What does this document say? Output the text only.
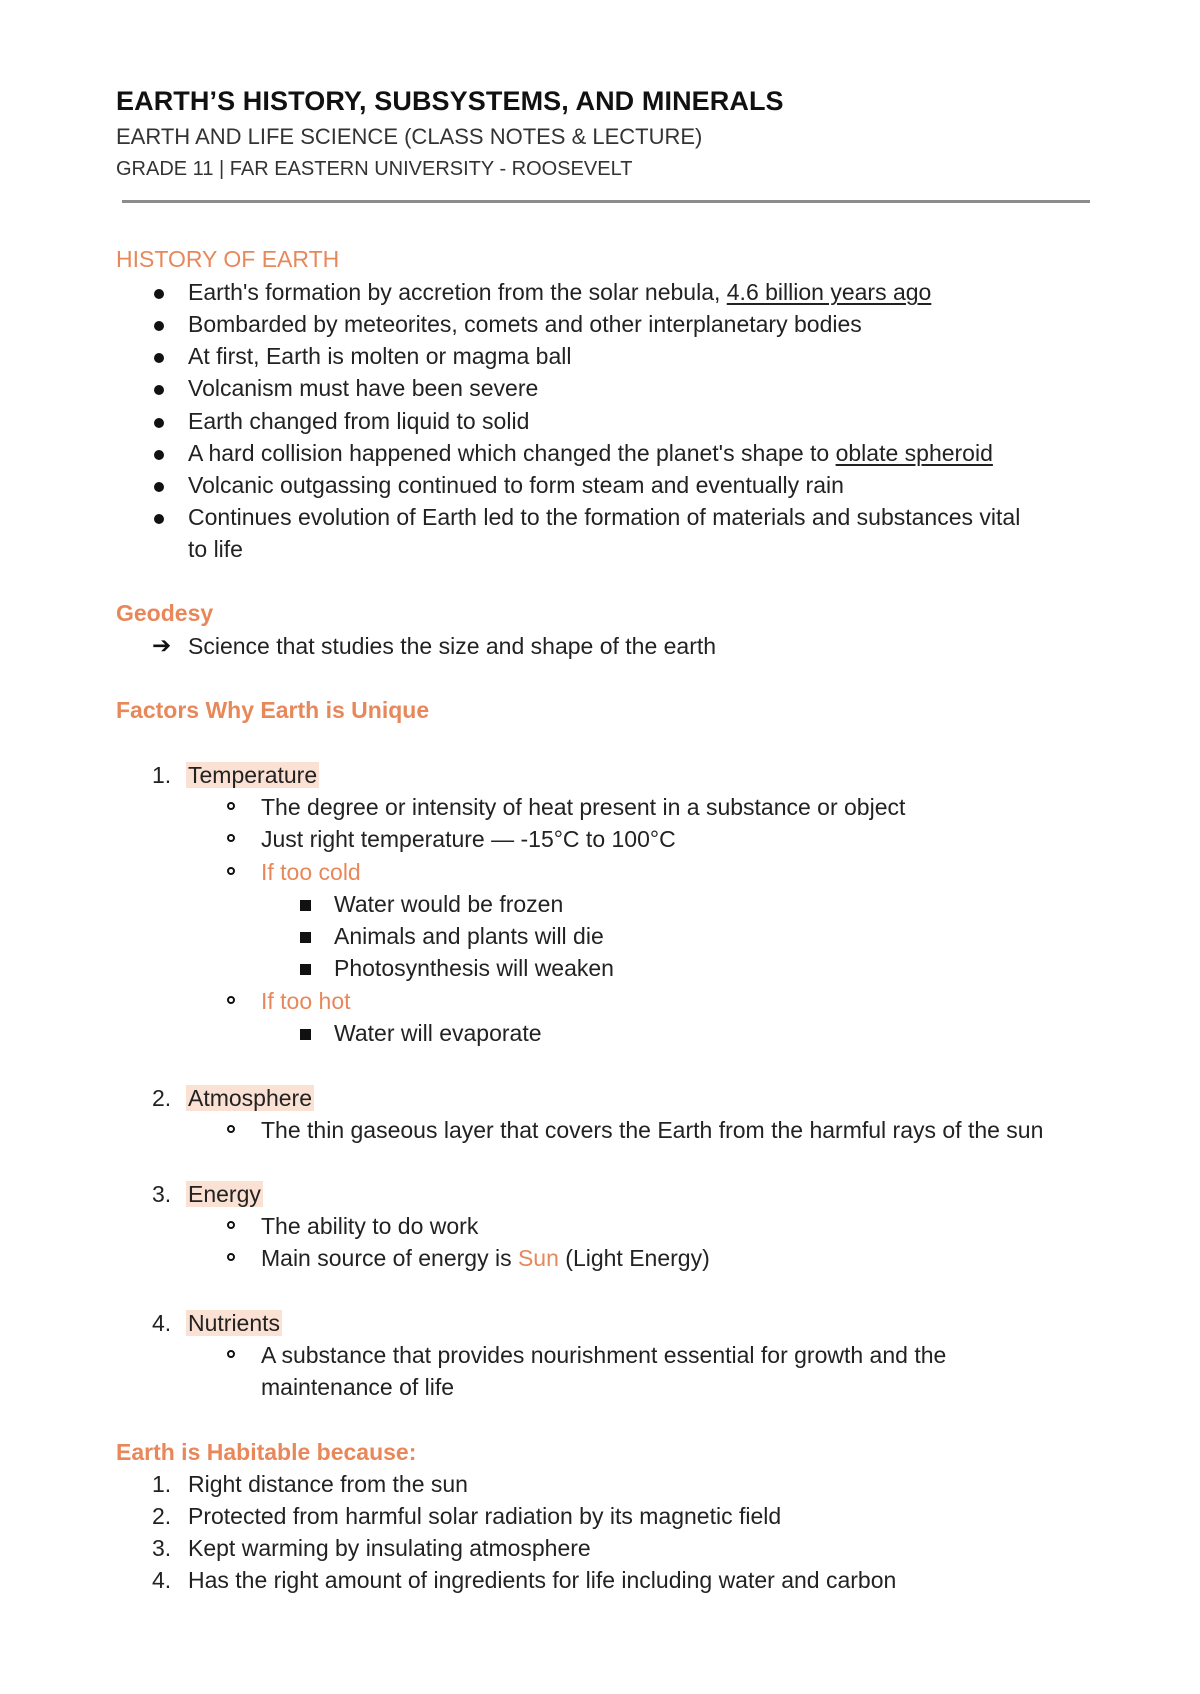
EARTH’S HISTORY, SUBSYSTEMS, AND MINERALS
EARTH AND LIFE SCIENCE (CLASS NOTES & LECTURE)
GRADE 11 | FAR EASTERN UNIVERSITY - ROOSEVELT
HISTORY OF EARTH
Earth's formation by accretion from the solar nebula, 4.6 billion years ago
Bombarded by meteorites, comets and other interplanetary bodies
At first, Earth is molten or magma ball
Volcanism must have been severe
Earth changed from liquid to solid
A hard collision happened which changed the planet's shape to oblate spheroid
Volcanic outgassing continued to form steam and eventually rain
Continues evolution of Earth led to the formation of materials and substances vital
to life
Geodesy
➔ Science that studies the size and shape of the earth
Factors Why Earth is Unique
1. Temperature
The degree or intensity of heat present in a substance or object
Just right temperature — -15°C to 100°C
If too cold
Water would be frozen
Animals and plants will die
Photosynthesis will weaken
If too hot
Water will evaporate
2. Atmosphere
The thin gaseous layer that covers the Earth from the harmful rays of the sun
3. Energy
The ability to do work
Main source of energy is Sun (Light Energy)
4. Nutrients
A substance that provides nourishment essential for growth and the
maintenance of life
Earth is Habitable because:
1. Right distance from the sun
2. Protected from harmful solar radiation by its magnetic field
3. Kept warming by insulating atmosphere
4. Has the right amount of ingredients for life including water and carbon
